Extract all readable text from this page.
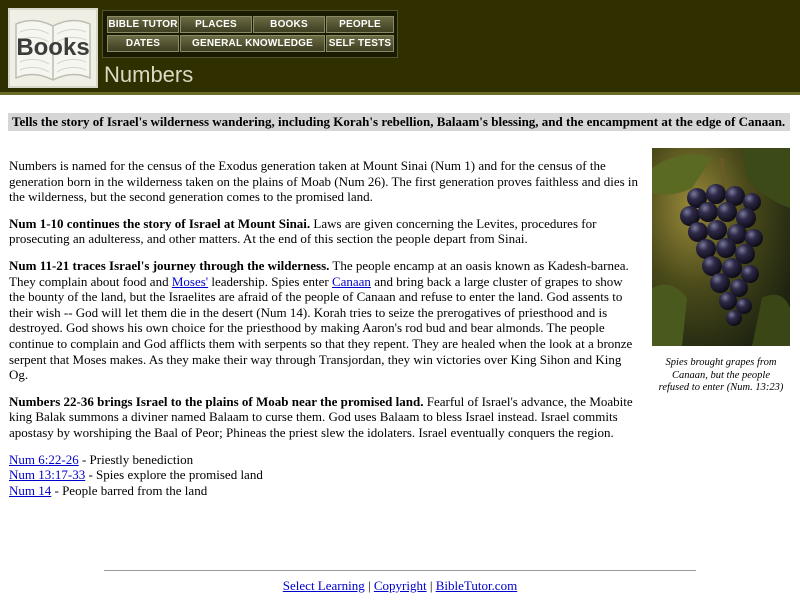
Books
BIBLE TUTOR	PLACES	BOOKS	PEOPLE
DATES	GENERAL KNOWLEDGE	SELF TESTS
Numbers
Tells the story of Israel's wilderness wandering, including Korah's rebellion, Balaam's blessing, and the encampment at the edge of Canaan.

Numbers is named for the census of the Exodus generation taken at Mount Sinai (Num 1) and for the census of the generation born in the wilderness taken on the plains of Moab (Num 26). The first generation proves faithless and dies in the wilderness, but the second generation comes to the promised land.

Num 1-10 continues the story of Israel at Mount Sinai. Laws are given concerning the Levites, procedures for prosecuting an adulteress, and other matters. At the end of this section the people depart from Sinai.

Num 11-21 traces Israel's journey through the wilderness. The people encamp at an oasis known as Kadesh-barnea. They complain about food and Moses' leadership. Spies enter Canaan and bring back a large cluster of grapes to show the bounty of the land, but the Israelites are afraid of the people of Canaan and refuse to enter the land. God assents to their wish -- God will let them die in the desert (Num 14). Korah tries to seize the prerogatives of priesthood and is destroyed. God shows his own choice for the priesthood by making Aaron's rod bud and bear almonds. The people continue to complain and God afflicts them with serpents so that they repent. They are healed when the look at a bronze serpent that Moses makes. As they make their way through Transjordan, they win victories over King Sihon and King Og.

Numbers 22-36 brings Israel to the plains of Moab near the promised land. Fearful of Israel's advance, the Moabite king Balak summons a diviner named Balaam to curse them. God uses Balaam to bless Israel instead. Israel commits apostasy by worshiping the Baal of Peor; Phineas the priest slew the idolaters. Israel eventually conquers the region.

Num 6:22-26 - Priestly benediction
Num 13:17-33 - Spies explore the promised land
Num 14 - People barred from the land
Spies brought grapes from Canaan, but the people refused to enter (Num. 13:23)
Select Learning | Copyright | BibleTutor.com
